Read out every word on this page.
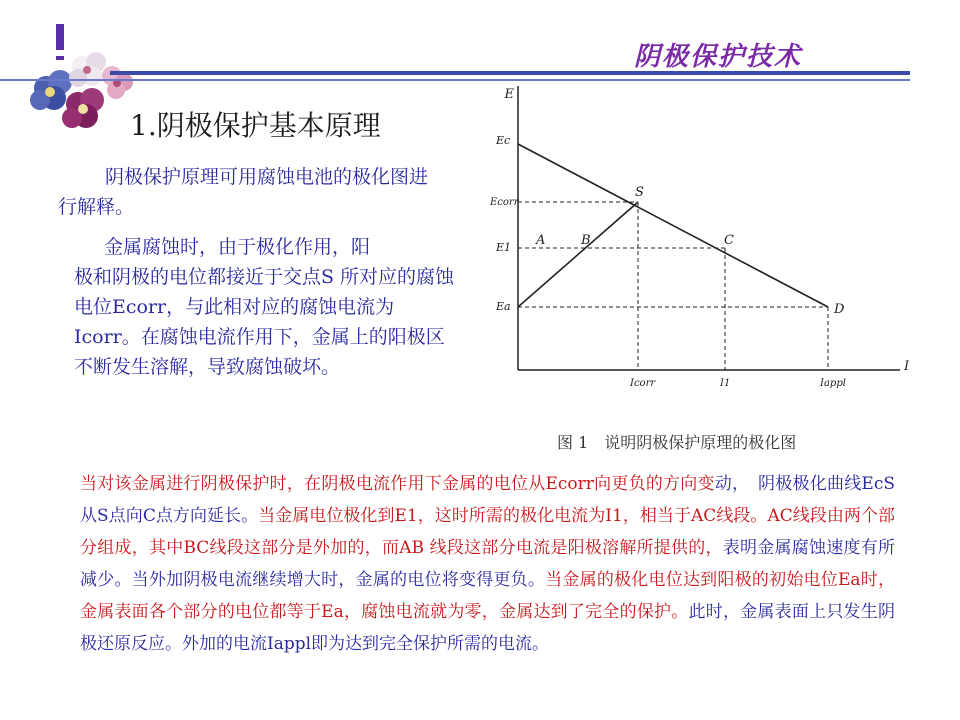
阴极保护技术
1.阴极保护基本原理
阴极保护原理可用腐蚀电池的极化图进行解释。
金属腐蚀时，由于极化作用，阳
极和阴极的电位都接近于交点S 所对应的腐蚀电位Ecorr，与此相对应的腐蚀电流为Icorr。在腐蚀电流作用下，金属上的阳极区不断发生溶解，导致腐蚀破坏。
E
I
Ec
Ecorr
E1
Ea
S
A	B	C
D
Icorr	I1	Iappl
图 1　说明阴极保护原理的极化图
当对该金属进行阴极保护时，在阴极电流作用下金属的电位从Ecorr向更负的方向变动，　阴极极化曲线EcS 从S点向C点方向延长。当金属电位极化到E1，这时所需的极化电流为I1，相当于AC线段。AC线段由两个部分组成，其中BC线段这部分是外加的，而AB 线段这部分电流是阳极溶解所提供的，表明金属腐蚀速度有所减少。当外加阴极电流继续增大时，金属的电位将变得更负。当金属的极化电位达到阳极的初始电位Ea时，金属表面各个部分的电位都等于Ea，腐蚀电流就为零，金属达到了完全的保护。此时，金属表面上只发生阴极还原反应。外加的电流Iappl即为达到完全保护所需的电流。
